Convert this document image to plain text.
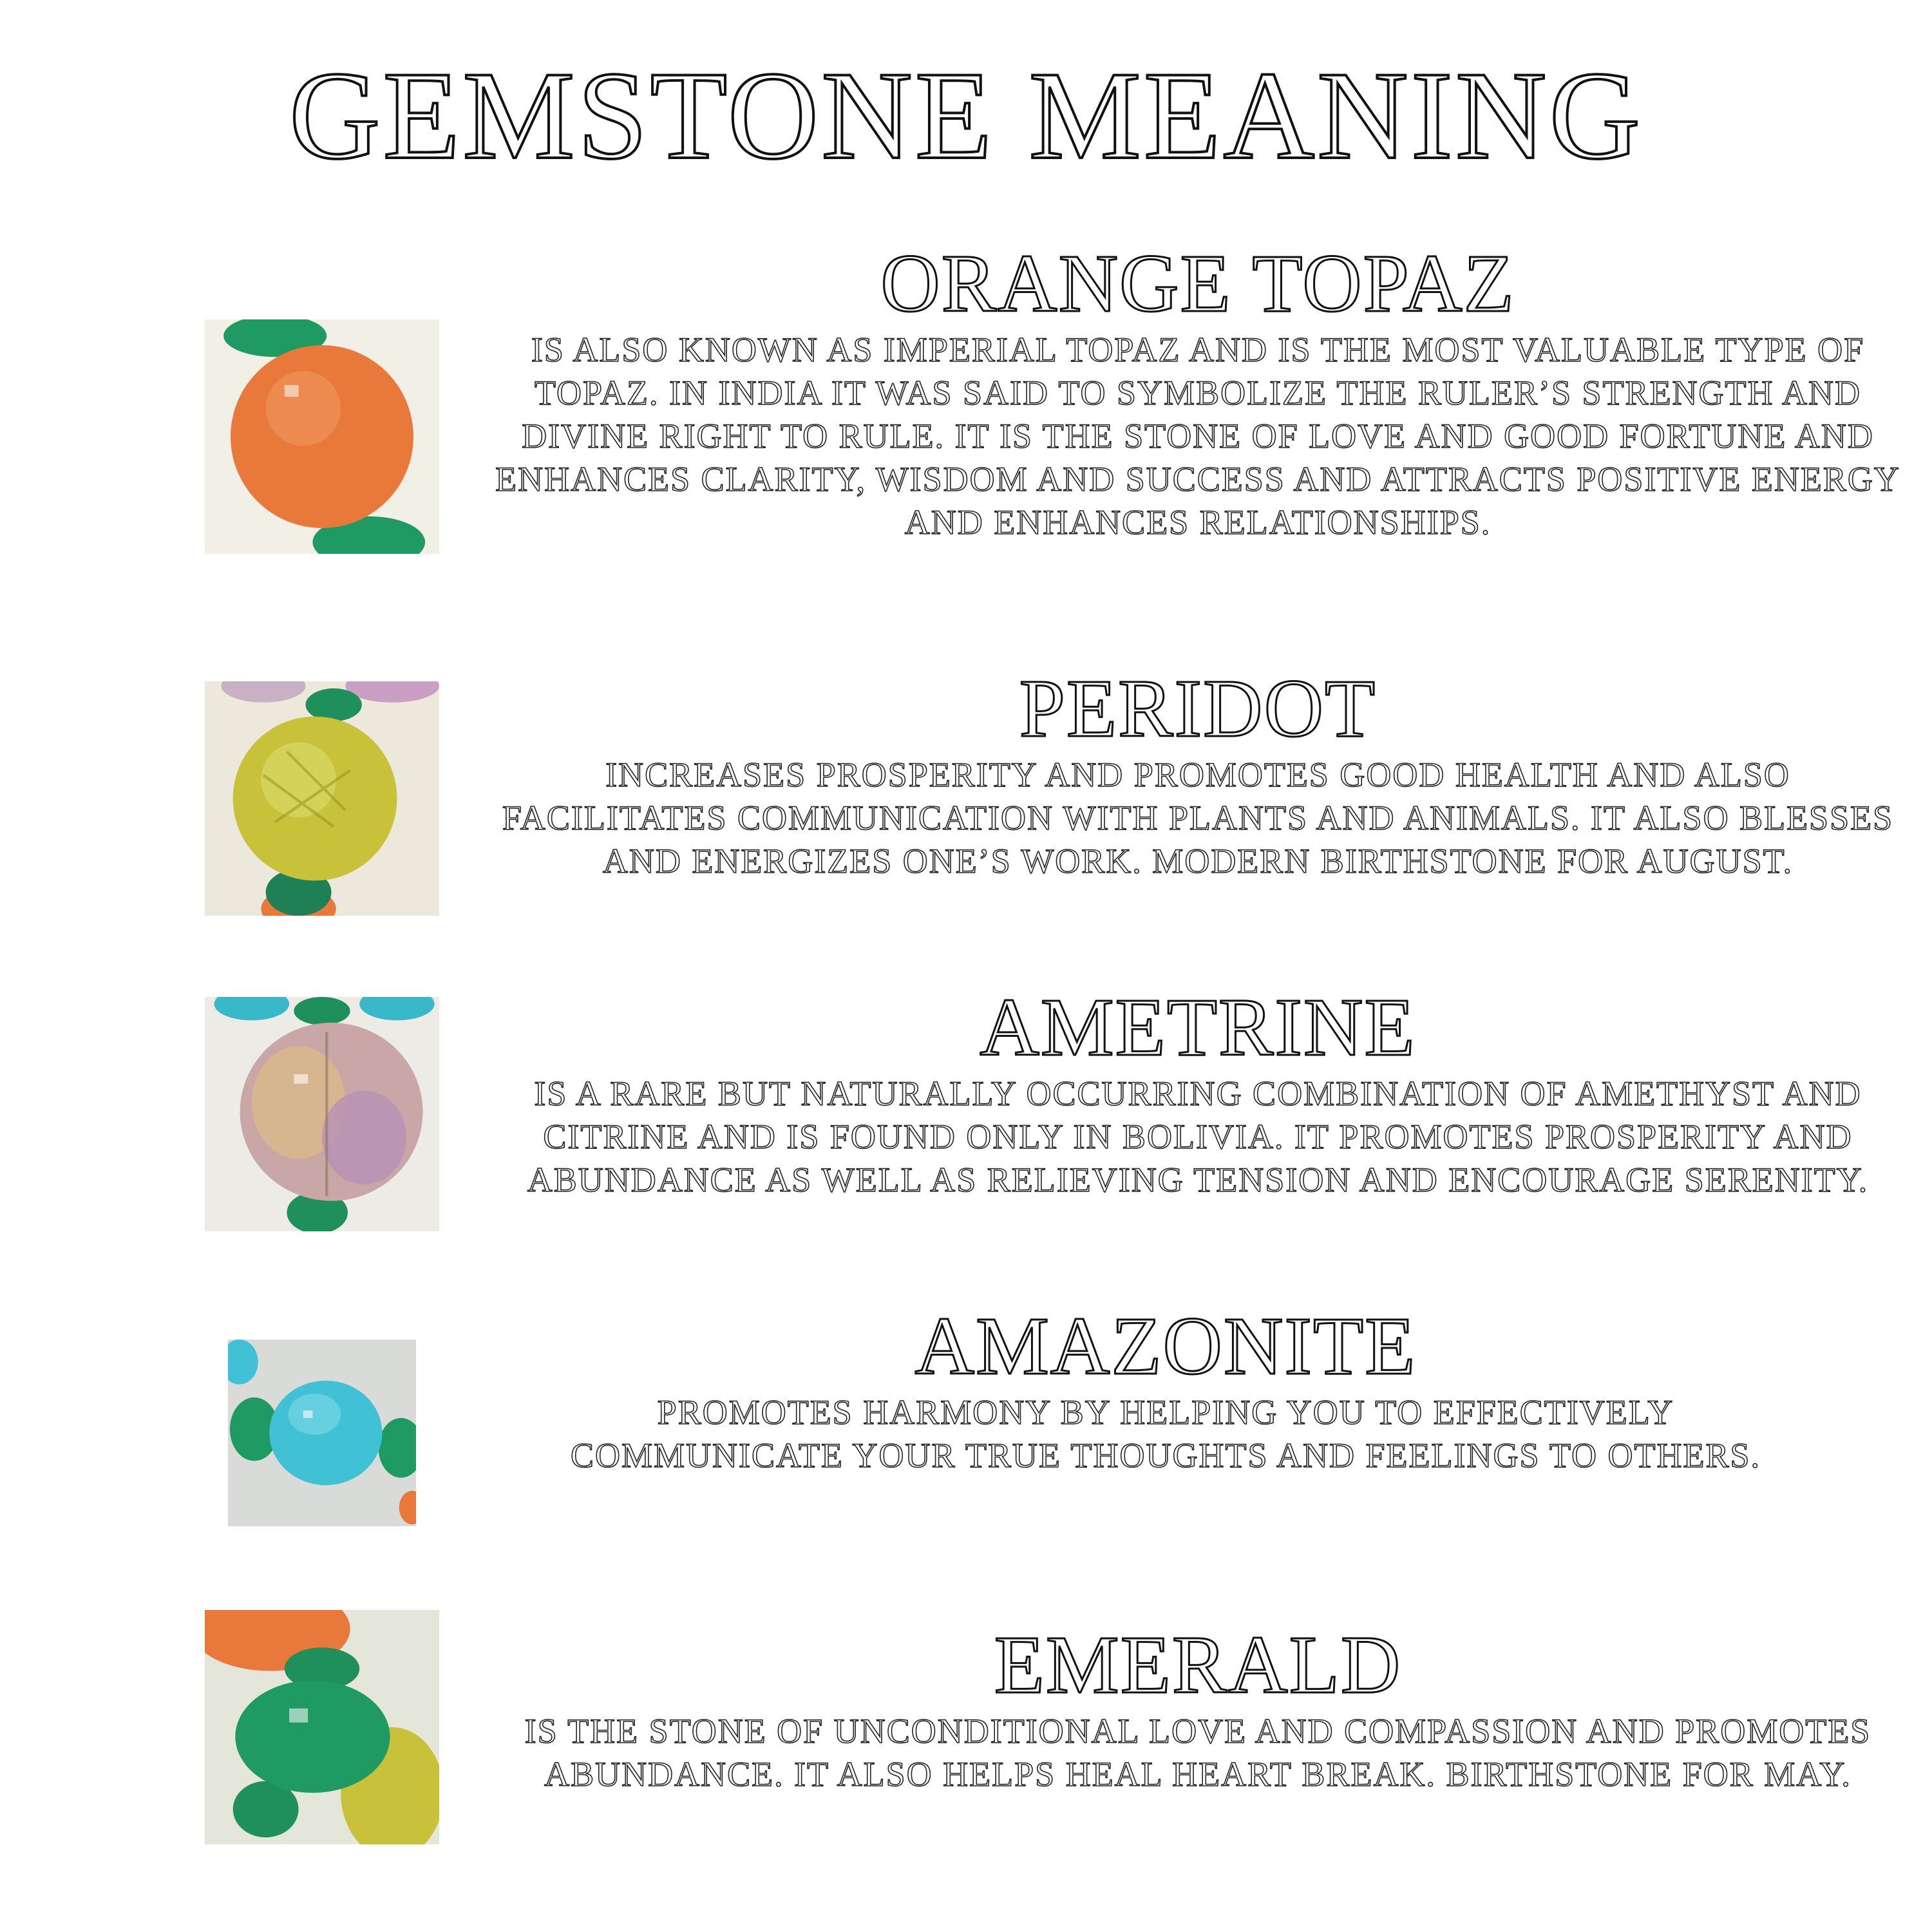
GEMSTONE MEANING
ORANGE TOPAZ
IS ALSO KNOWN AS IMPERIAL TOPAZ AND IS THE MOST VALUABLE TYPE OF TOPAZ. IN INDIA IT WAS SAID TO SYMBOLIZE THE RULER’S STRENGTH AND DIVINE RIGHT TO RULE. IT IS THE STONE OF LOVE AND GOOD FORTUNE AND ENHANCES CLARITY, WISDOM AND SUCCESS AND ATTRACTS POSITIVE ENERGY AND ENHANCES RELATIONSHIPS.
PERIDOT
INCREASES PROSPERITY AND PROMOTES GOOD HEALTH AND ALSO FACILITATES COMMUNICATION WITH PLANTS AND ANIMALS. IT ALSO BLESSES AND ENERGIZES ONE’S WORK. MODERN BIRTHSTONE FOR AUGUST.
AMETRINE
IS A RARE BUT NATURALLY OCCURRING COMBINATION OF AMETHYST AND CITRINE AND IS FOUND ONLY IN BOLIVIA. IT PROMOTES PROSPERITY AND ABUNDANCE AS WELL AS RELIEVING TENSION AND ENCOURAGE SERENITY.
AMAZONITE
PROMOTES HARMONY BY HELPING YOU TO EFFECTIVELY COMMUNICATE YOUR TRUE THOUGHTS AND FEELINGS TO OTHERS.
EMERALD
IS THE STONE OF UNCONDITIONAL LOVE AND COMPASSION AND PROMOTES ABUNDANCE. IT ALSO HELPS HEAL HEART BREAK. BIRTHSTONE FOR MAY.
